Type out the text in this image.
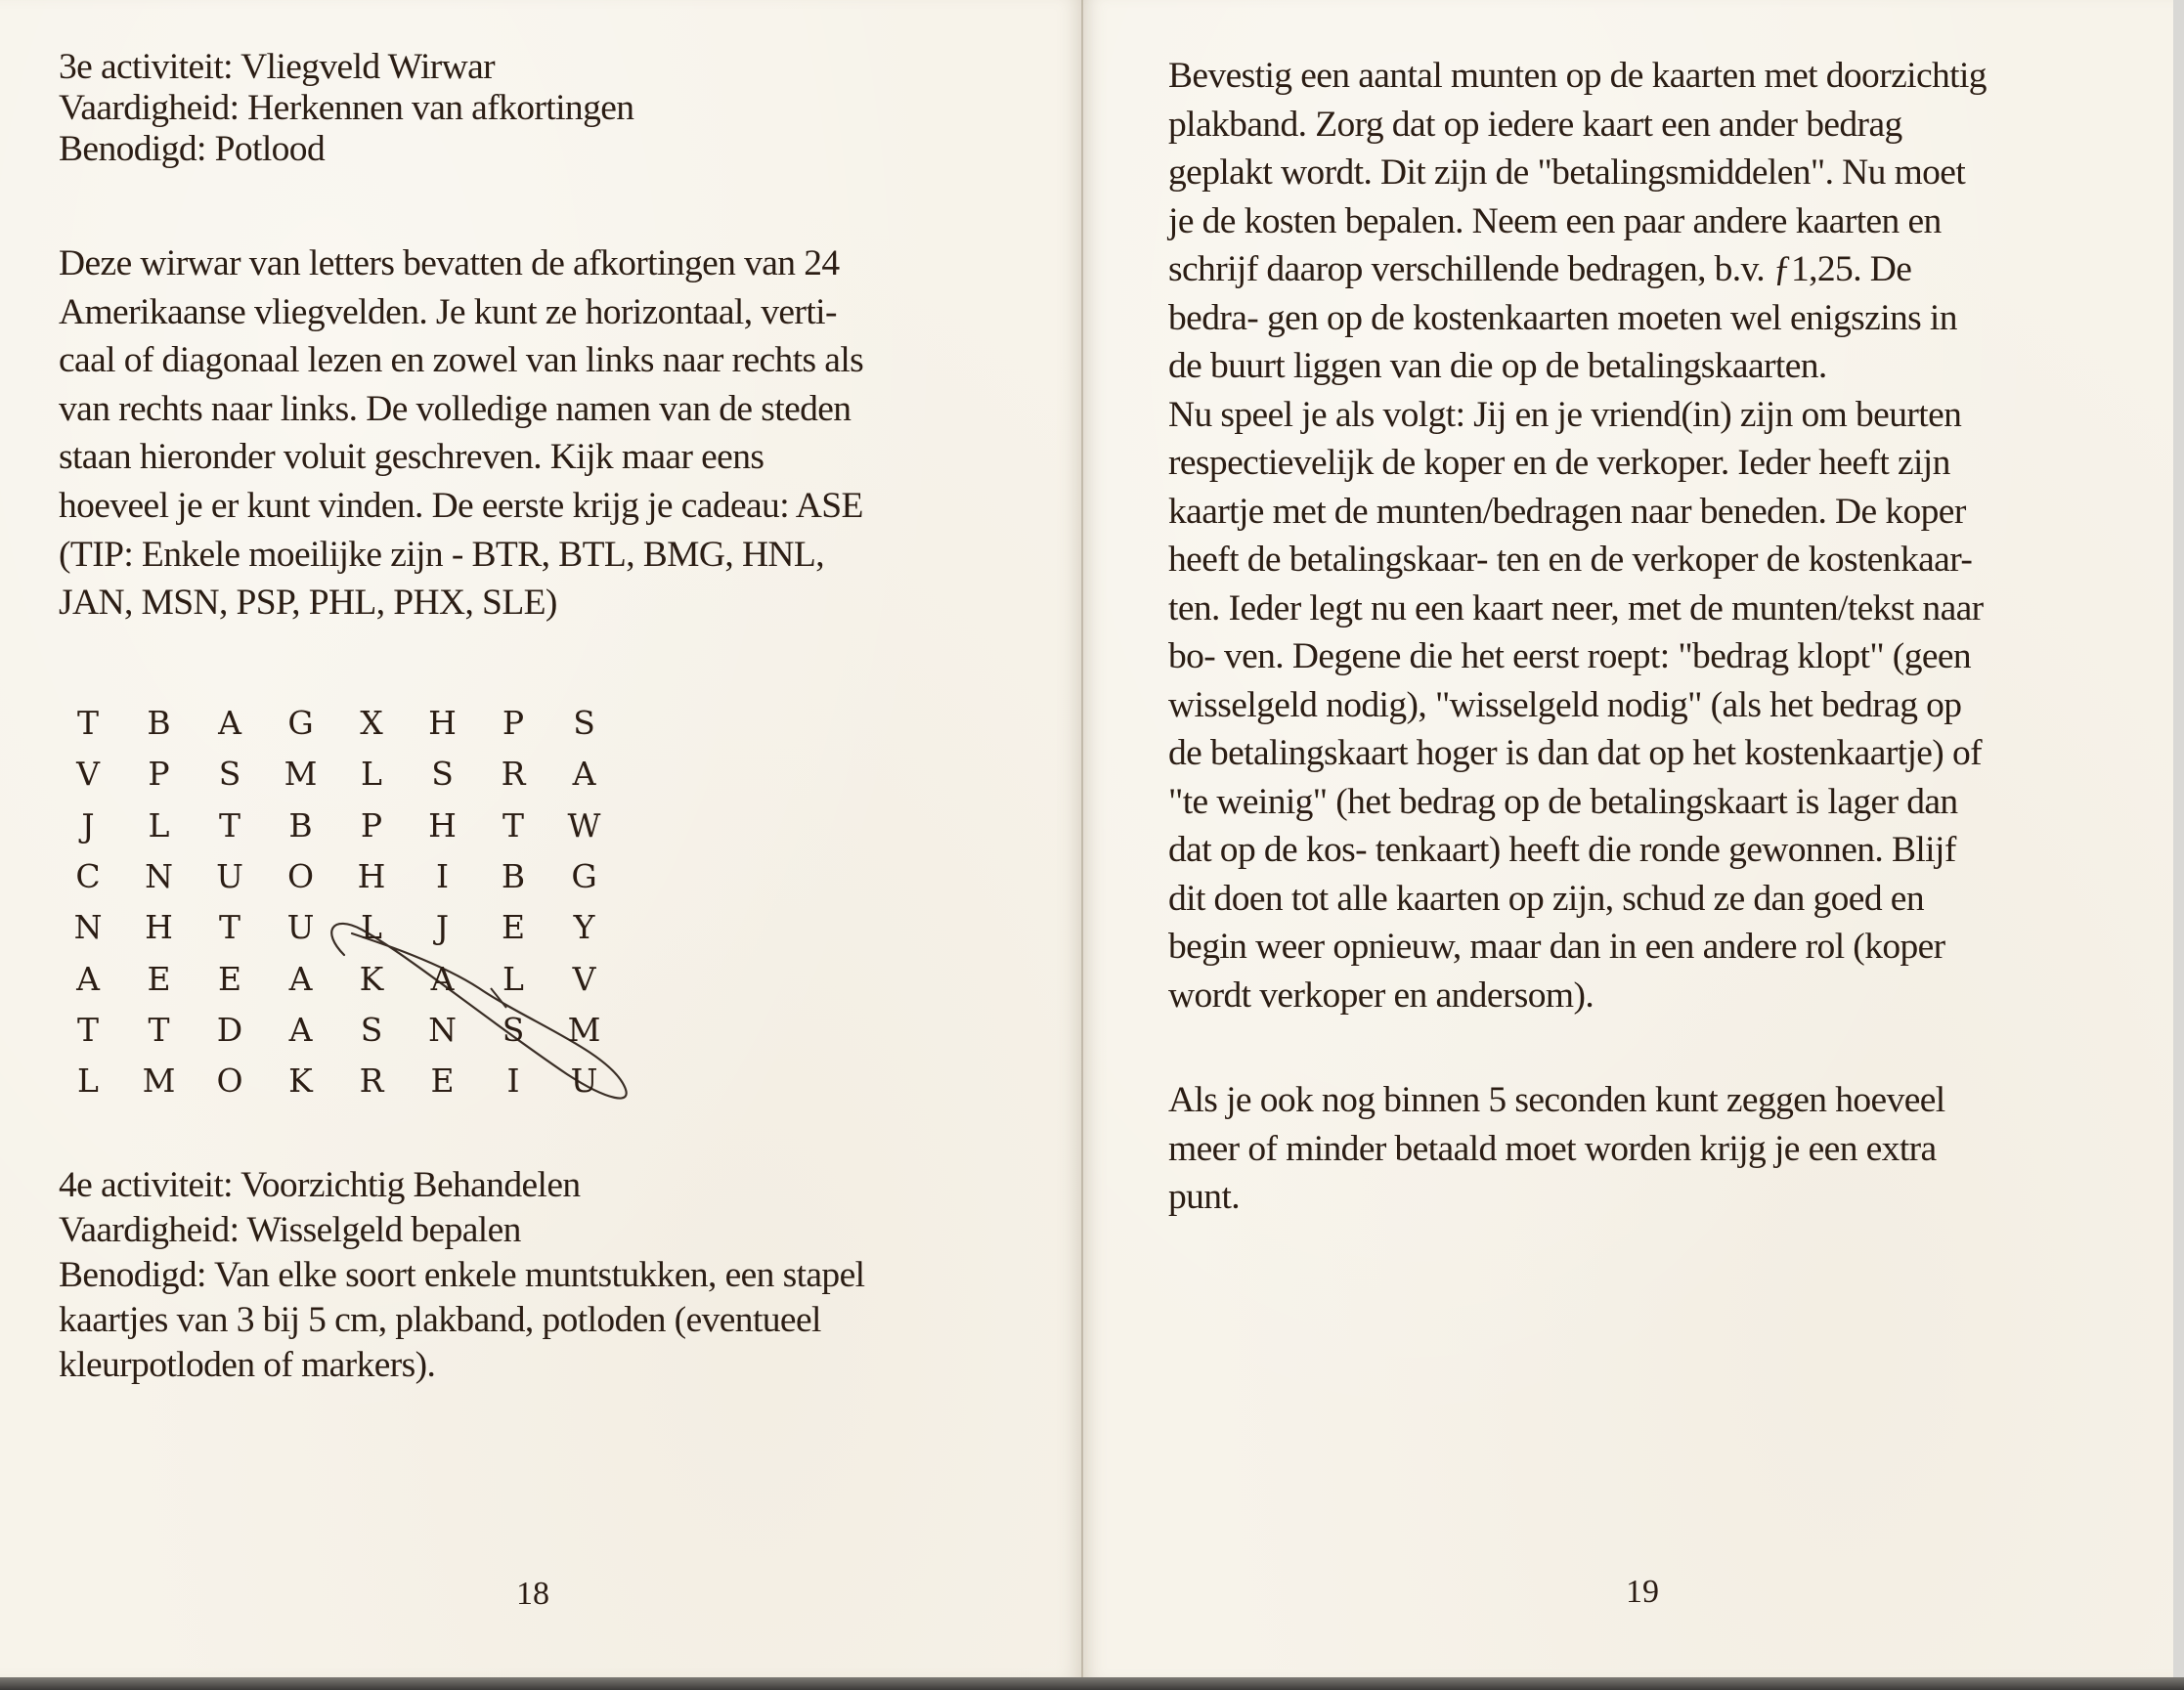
3e activiteit: Vliegveld Wirwar
Vaardigheid: Herkennen van afkortingen
Benodigd: Potlood
Deze wirwar van letters bevatten de afkortingen van 24
Amerikaanse vliegvelden. Je kunt ze horizontaal, verti-
caal of diagonaal lezen en zowel van links naar rechts als
van rechts naar links. De volledige namen van de steden
staan hieronder voluit geschreven. Kijk maar eens
hoeveel je er kunt vinden. De eerste krijg je cadeau: ASE
(TIP: Enkele moeilijke zijn - BTR, BTL, BMG, HNL,
JAN, MSN, PSP, PHL, PHX, SLE)
T	B	A	G	X	H	P	S
V	P	S	M	L	S	R	A
J	L	T	B	P	H	T	W
C	N	U	O	H	I	B	G
N	H	T	U	L	J	E	Y
A	E	E	A	K	A	L	V
T	T	D	A	S	N	S	M
L	M	O	K	R	E	I	U
4e activiteit: Voorzichtig Behandelen
Vaardigheid: Wisselgeld bepalen
Benodigd: Van elke soort enkele muntstukken, een stapel
kaartjes van 3 bij 5 cm, plakband, potloden (eventueel
kleurpotloden of markers).
18
Bevestig een aantal munten op de kaarten met doorzichtig
plakband. Zorg dat op iedere kaart een ander bedrag
geplakt wordt. Dit zijn de "betalingsmiddelen". Nu moet
je de kosten bepalen. Neem een paar andere kaarten en
schrijf daarop verschillende bedragen, b.v. ƒ1,25. De
bedra- gen op de kostenkaarten moeten wel enigszins in
de buurt liggen van die op de betalingskaarten.
Nu speel je als volgt: Jij en je vriend(in) zijn om beurten
respectievelijk de koper en de verkoper. Ieder heeft zijn
kaartje met de munten/bedragen naar beneden. De koper
heeft de betalingskaar- ten en de verkoper de kostenkaar-
ten. Ieder legt nu een kaart neer, met de munten/tekst naar
bo- ven. Degene die het eerst roept: "bedrag klopt" (geen
wisselgeld nodig), "wisselgeld nodig" (als het bedrag op
de betalingskaart hoger is dan dat op het kostenkaartje) of
"te weinig" (het bedrag op de betalingskaart is lager dan
dat op de kos- tenkaart) heeft die ronde gewonnen. Blijf
dit doen tot alle kaarten op zijn, schud ze dan goed en
begin weer opnieuw, maar dan in een andere rol (koper
wordt verkoper en andersom).
Als je ook nog binnen 5 seconden kunt zeggen hoeveel
meer of minder betaald moet worden krijg je een extra
punt.
19
